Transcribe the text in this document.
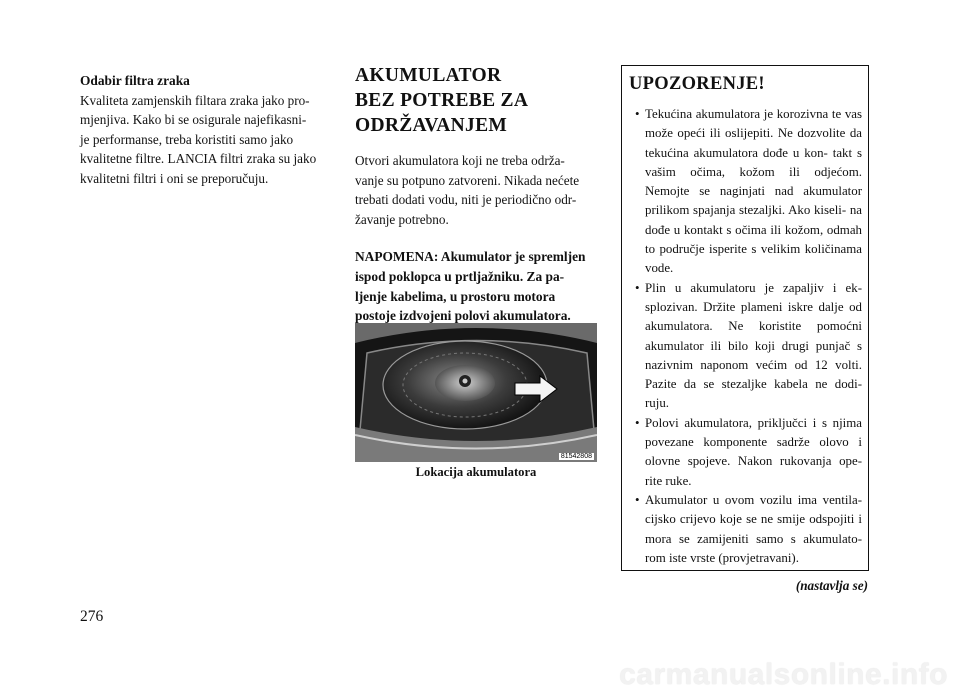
Odabir filtra zraka

Kvaliteta zamjenskih filtara zraka jako pro-

mjenjiva. Kako bi se osigurale najefikasni-

je performanse, treba koristiti samo jako

kvalitetne filtre. LANCIA filtri zraka su jako

kvalitetni filtri i oni se preporučuju.

AKUMULATOR
BEZ POTREBE ZA
ODRŽAVANJEM

Otvori akumulatora koji ne treba održa-

vanje su potpuno zatvoreni. Nikada nećete

trebati dodati vodu, niti je periodično odr-

žavanje potrebno.

NAPOMENA: Akumulator je spremljen
ispod poklopca u prtljažniku. Za pa-
ljenje kabelima, u prostoru motora
postoje izdvojeni polovi akumulatora.
81542808
Lokacija akumulatora
UPOZORENJE!
• Tekućina akumulatora je korozivna te vas može opeći ili oslijepiti. Ne dozvolite da tekućina akumulatora dođe u kon- takt s vašim očima, kožom ili odjećom. Nemojte se naginjati nad akumulator prilikom spajanja stezaljki. Ako kiseli- na dođe u kontakt s očima ili kožom, odmah to područje isperite s velikim količinama vode.
• Plin u akumulatoru je zapaljiv i ek- splozivan. Držite plameni iskre dalje od akumulatora. Ne koristite pomoćni akumulator ili bilo koji drugi punjač s nazivnim naponom većim od 12 volti. Pazite da se stezaljke kabela ne dodi- ruju.
• Polovi akumulatora, priključci i s njima povezane komponente sadrže olovo i olovne spojeve. Nakon rukovanja ope- rite ruke.
• Akumulator u ovom vozilu ima ventila- cijsko crijevo koje se ne smije odspojiti i mora se zamijeniti samo s akumulato- rom iste vrste (provjetravani).
(nastavlja se)
276
carmanualsonline.info
